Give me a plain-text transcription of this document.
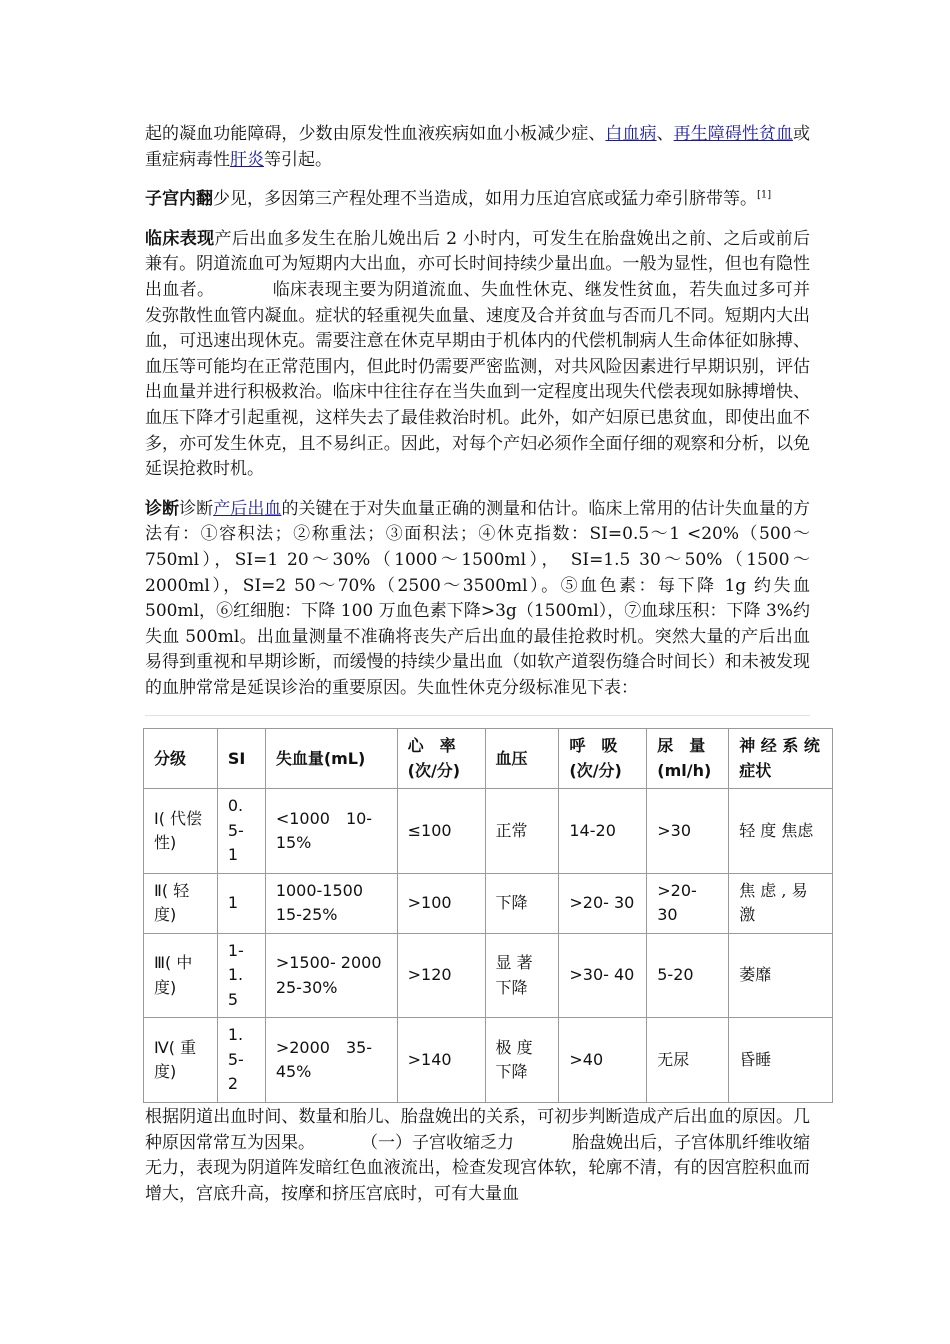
起的凝血功能障碍，少数由原发性血液疾病如血小板减少症、白血病、再生障碍性贫血或重症病毒性肝炎等引起。

子宫内翻少见，多因第三产程处理不当造成，如用力压迫宫底或猛力牵引脐带等。[1]

临床表现产后出血多发生在胎儿娩出后 2 小时内，可发生在胎盘娩出之前、之后或前后兼有。阴道流血可为短期内大出血，亦可长时间持续少量出血。一般为显性，但也有隐性出血者。	临床表现主要为阴道流血、失血性休克、继发性贫血，若失血过多可并发弥散性血管内凝血。症状的轻重视失血量、速度及合并贫血与否而几不同。短期内大出血，可迅速出现休克。需要注意在休克早期由于机体内的代偿机制病人生命体征如脉搏、血压等可能均在正常范围内，但此时仍需要严密监测，对共风险因素进行早期识别，评估出血量并进行积极救治。临床中往往存在当失血到一定程度出现失代偿表现如脉搏增快、血压下降才引起重视，这样失去了最佳救治时机。此外，如产妇原已患贫血，即使出血不多，亦可发生休克，且不易纠正。因此，对每个产妇必须作全面仔细的观察和分析，以免延误抢救时机。

诊断诊断产后出血的关键在于对失血量正确的测量和估计。临床上常用的估计失血量的方法有：①容积法；②称重法；③面积法；④休克指数：SI=0.5～1 <20%（500～750ml），SI=1 20～30%（1000～1500ml）， SI=1.5 30～50%（1500～2000ml），SI=2 50～70%（2500～3500ml）。⑤血色素：每下降 1g 约失血 500ml，⑥红细胞：下降 100 万血色素下降>3g（1500ml），⑦血球压积：下降 3%约失血 500ml。出血量测量不准确将丧失产后出血的最佳抢救时机。突然大量的产后出血易得到重视和早期诊断，而缓慢的持续少量出血（如软产道裂伤缝合时间长）和未被发现的血肿常常是延误诊治的重要原因。失血性休克分级标准见下表：

分级	SI	失血量(mL)	心　率 (次/分)	血压	呼　吸 (次/分)	尿　量 (ml/h)	神 经 系 统症状
Ⅰ( 代偿性)	0. 5- 1	<1000　10-15%	≤100	正常	14-20	>30	轻 度 焦虑
Ⅱ( 轻度)	1	1000-1500 15-25%	>100	下降	>20- 30	>20- 30	焦 虑 , 易激
Ⅲ( 中度)	1- 1. 5	>1500- 2000　25-30%	>120	显 著 下降	>30- 40	5-20	萎靡
Ⅳ( 重度)	1. 5- 2	>2000　35-45%	>140	极 度 下降	>40	无尿	昏睡

根据阴道出血时间、数量和胎儿、胎盘娩出的关系，可初步判断造成产后出血的原因。几种原因常常互为因果。	（一）子宫收缩乏力	胎盘娩出后，子宫体肌纤维收缩无力，表现为阴道阵发暗红色血液流出，检查发现宫体软，轮廓不清，有的因宫腔积血而增大，宫底升高，按摩和挤压宫底时，可有大量血
